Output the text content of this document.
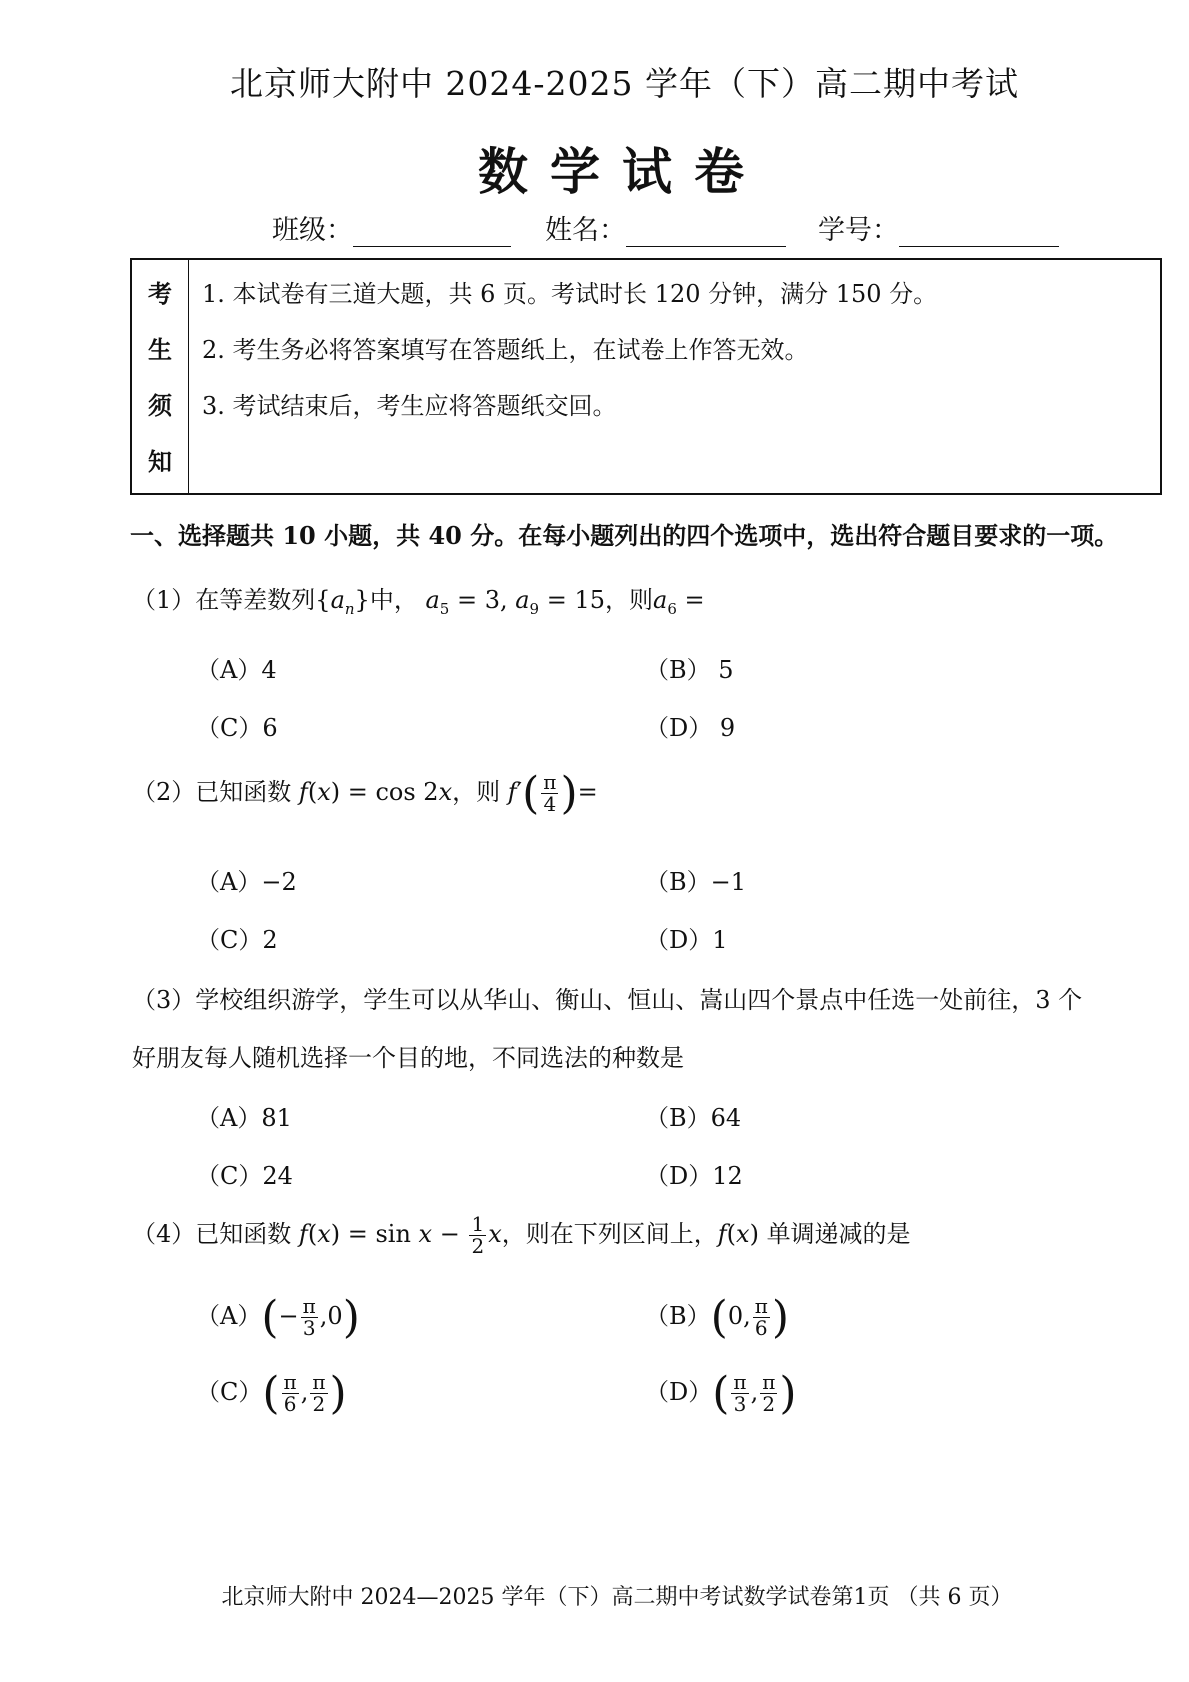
北京师大附中 2024-2025 学年（下）高二期中考试
数学试卷
班级：	姓名：	学号：
考
生
须
知
1. 本试卷有三道大题，共 6 页。考试时长 120 分钟，满分 150 分。
2. 考生务必将答案填写在答题纸上，在试卷上作答无效。
3. 考试结束后，考生应将答题纸交回。
一、选择题共 10 小题，共 40 分。在每小题列出的四个选项中，选出符合题目要求的一项。
（1）在等差数列$\{a_n\}$中， $a_5 = 3$, $a_9 = 15$，则$a_6$ =
（A）4	（B） 5
（C）6	（D） 9
（2）已知函数 f(x) = cos 2x，则 $f'( \frac{\pi}{4}$ )=
（A）−2	（B）−1
（C）2	（D）1
（3）学校组织游学，学生可以从华山、衡山、恒山、嵩山四个景点中任选一处前往，3 个
好朋友每人随机选择一个目的地，不同选法的种数是
（A）81	（B）64
（C）24	（D）12
（4）已知函数 $f(x) = \sin x - \frac{1}{2}$ x，则在下列区间上，f(x) 单调递减的是
$(A)(- \frac{\pi}{3} ,0)$	（B）(0, $\frac{\pi}{6}$ )
$(C)( \frac{\pi}{6}$ , $\frac{\pi}{2}$ )	$(D)( \frac{\pi}{3}$ , $\frac{\pi}{2}$ )
北京师大附中 2024—2025 学年（下）高二期中考试数学试卷第1页 （共 6 页）
